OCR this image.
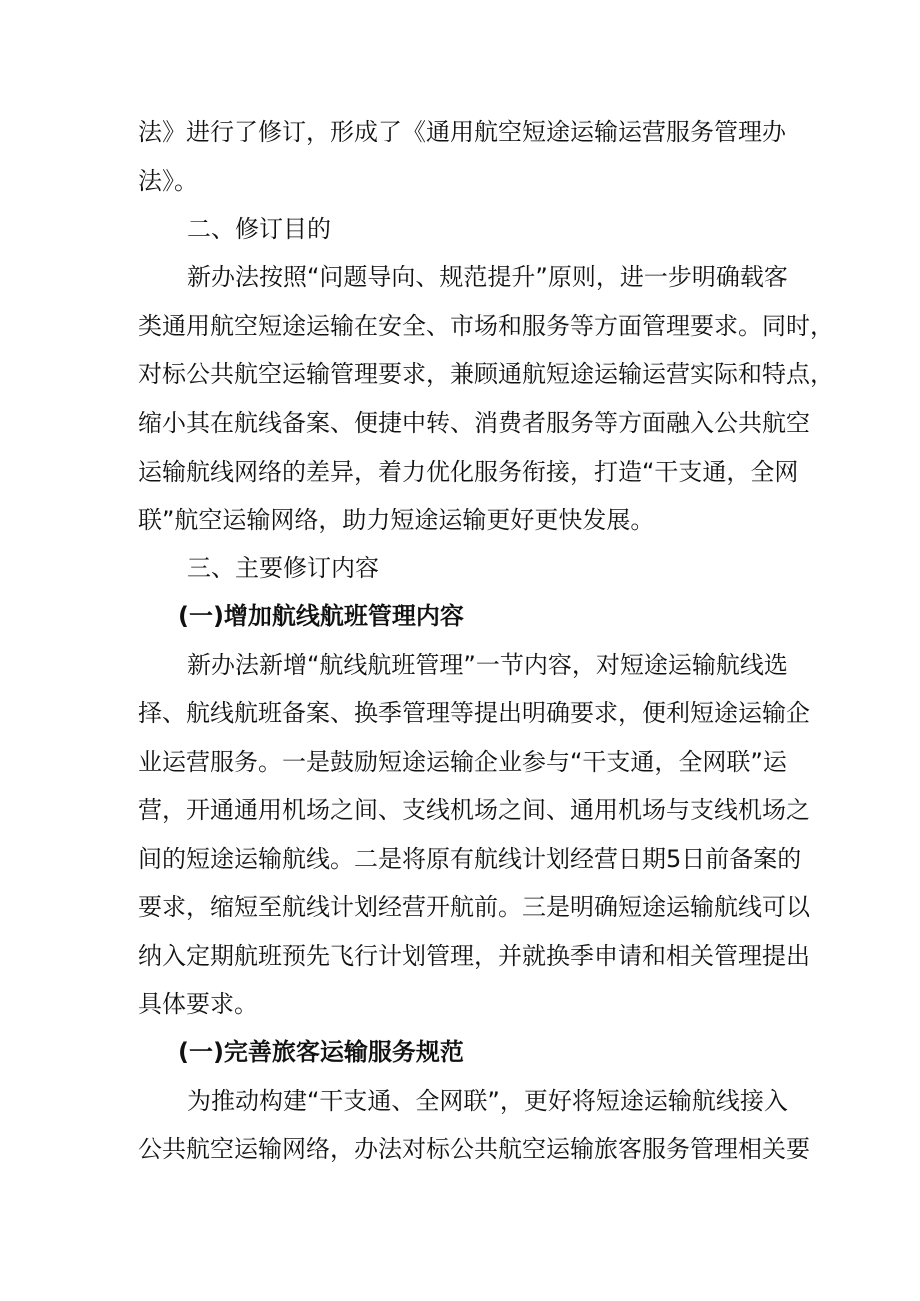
法》进行了修订，形成了《通用航空短途运输运营服务管理办
法》。
二、修订目的
新办法按照“问题导向、规范提升”原则，进一步明确载客
类通用航空短途运输在安全、市场和服务等方面管理要求。同时，
对标公共航空运输管理要求，兼顾通航短途运输运营实际和特点，
缩小其在航线备案、便捷中转、消费者服务等方面融入公共航空
运输航线网络的差异，着力优化服务衔接，打造“干支通，全网
联”航空运输网络，助力短途运输更好更快发展。
三、主要修订内容
(一)增加航线航班管理内容
新办法新增“航线航班管理”一节内容，对短途运输航线选
择、航线航班备案、换季管理等提出明确要求，便利短途运输企
业运营服务。一是鼓励短途运输企业参与“干支通，全网联”运
营，开通通用机场之间、支线机场之间、通用机场与支线机场之
间的短途运输航线。二是将原有航线计划经营日期5日前备案的
要求，缩短至航线计划经营开航前。三是明确短途运输航线可以
纳入定期航班预先飞行计划管理，并就换季申请和相关管理提出
具体要求。
(一)完善旅客运输服务规范
为推动构建“干支通、全网联”，更好将短途运输航线接入
公共航空运输网络，办法对标公共航空运输旅客服务管理相关要
